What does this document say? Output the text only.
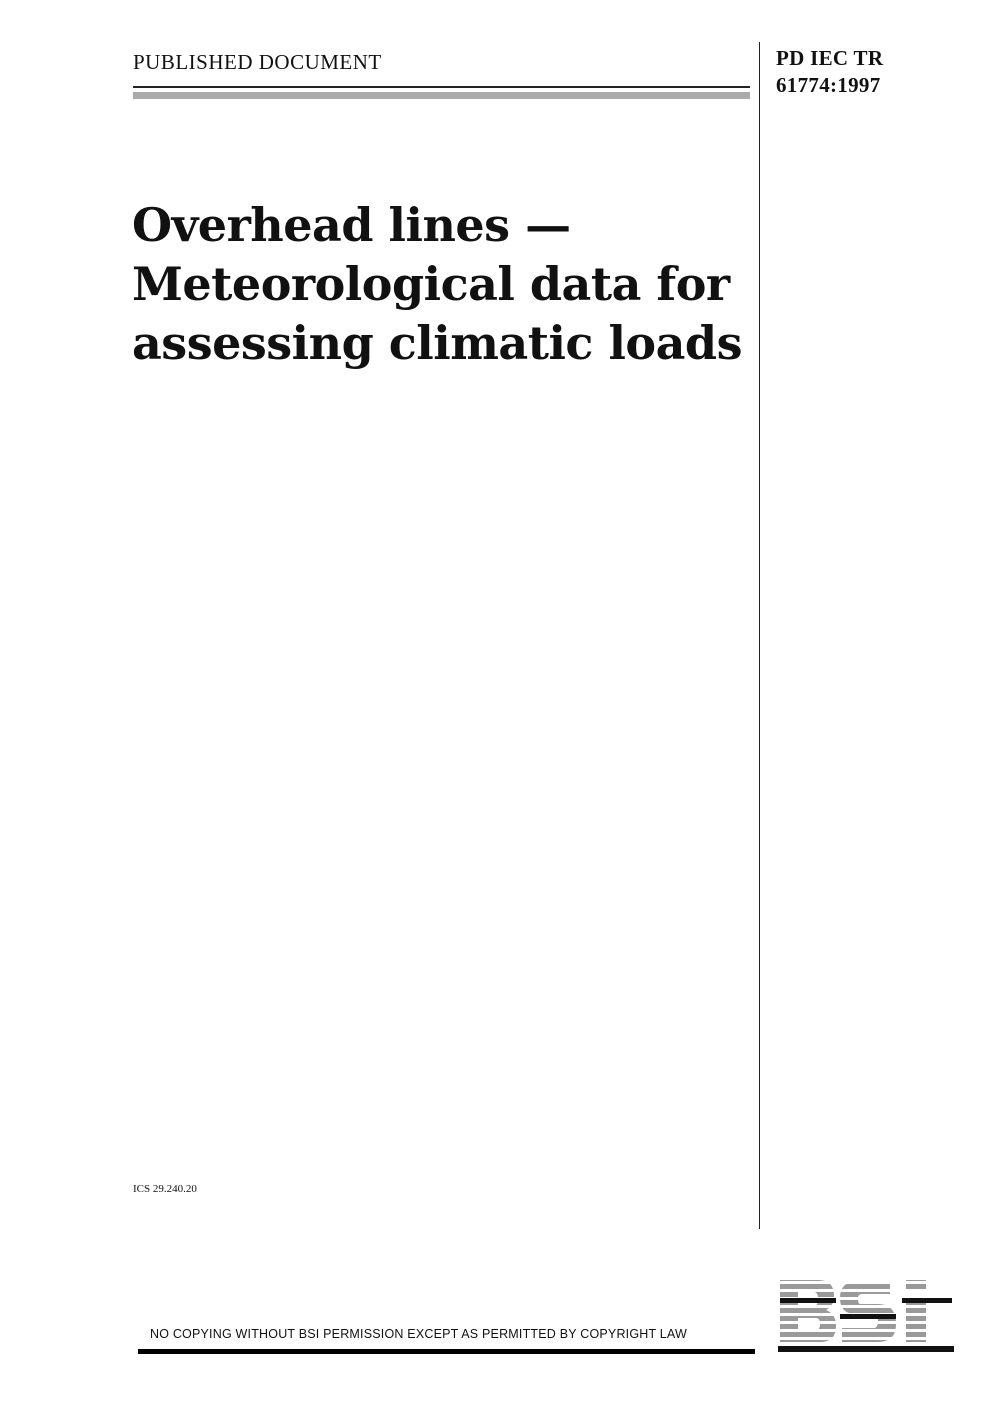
PUBLISHED DOCUMENT	PD IEC TR
61774:1997
Overhead lines —
Meteorological data for
assessing climatic loads
ICS 29.240.20
NO COPYING WITHOUT BSI PERMISSION EXCEPT AS PERMITTED BY COPYRIGHT LAW
